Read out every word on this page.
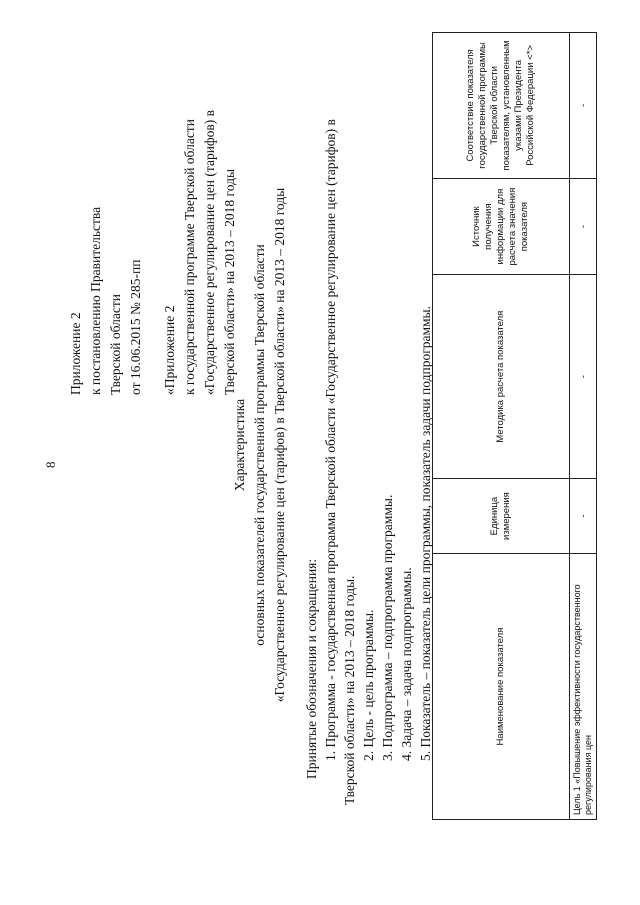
8
Приложение 2 к постановлению Правительства Тверской области от 16.06.2015 № 285-пп «Приложение 2 к государственной программе Тверской области «Государственное регулирование цен (тарифов) в Тверской области» на 2013 – 2018 годы
Характеристика основных показателей государственной программы Тверской области «Государственное регулирование цен (тарифов) в Тверской области» на 2013 – 2018 годы Принятые обозначения и сокращения: 1. Программа - государственная программа Тверской области «Государственное регулирование цен (тарифов) в Тверской области» на 2013 – 2018 годы. 2. Цель - цель программы. 3. Подпрограмма – подпрограмма программы. 4. Задача – задача подпрограммы. 5. Показатель – показатель цели программы, показатель задачи подпрограммы.	Наименование показателя	Единица измерения	Методика расчета показателя	Источник получения информации для расчета значения показателя	Соответствие показателя государственной программы Тверской области показателям, установленным указами Президента Российской Федерации <*>
Цель 1 «Повышение эффективности государственного регулирования цен	-	-	-	-
